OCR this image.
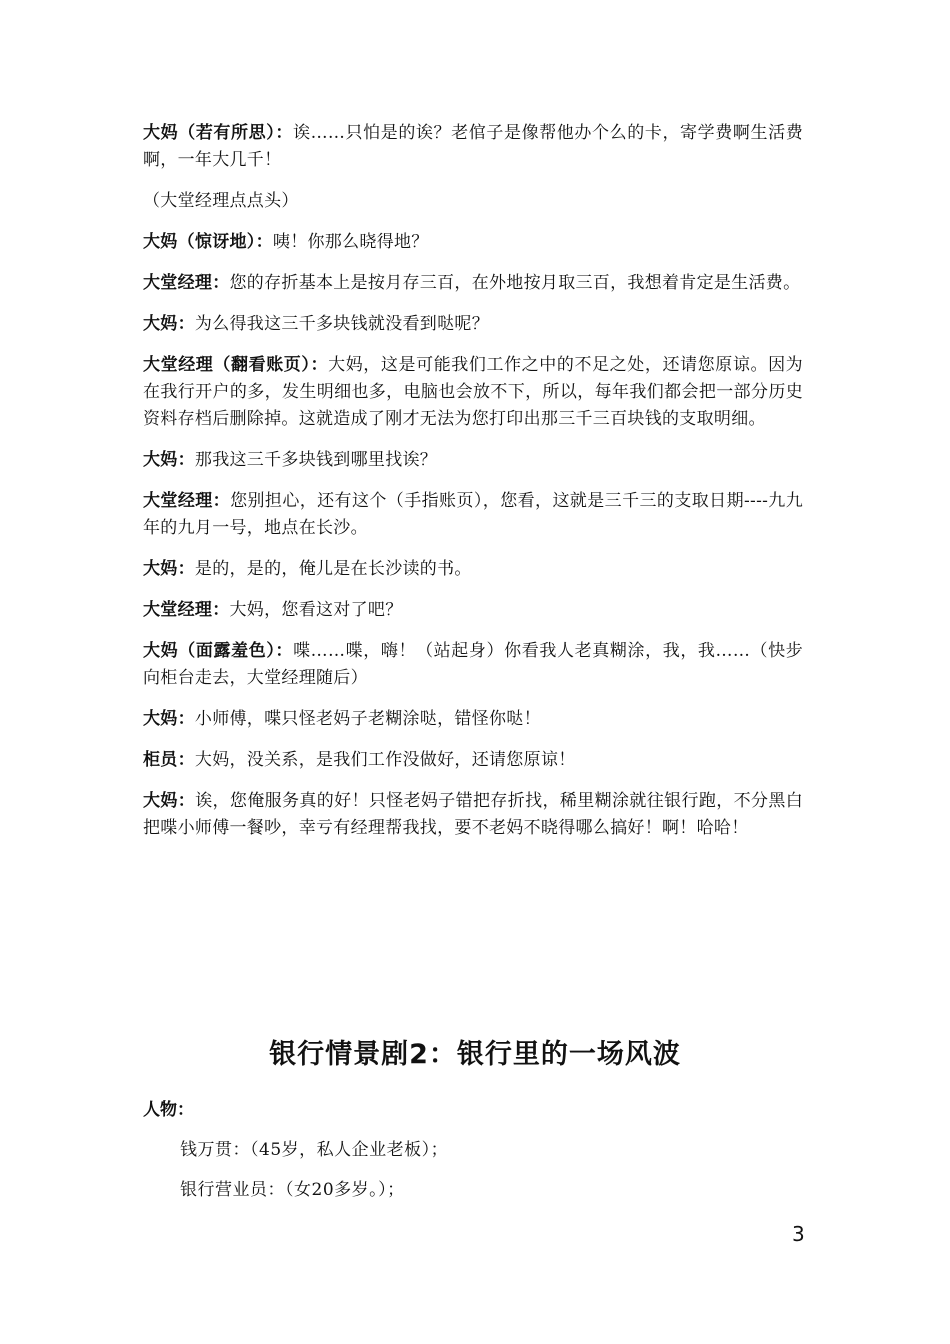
大妈（若有所思）：诶……只怕是的诶？老倌子是像帮他办个么的卡，寄学费啊生活费啊，一年大几千！

（大堂经理点点头）

大妈（惊讶地）：咦！你那么晓得地？

大堂经理：您的存折基本上是按月存三百，在外地按月取三百，我想着肯定是生活费。

大妈：为么得我这三千多块钱就没看到哒呢？

大堂经理（翻看账页）：大妈，这是可能我们工作之中的不足之处，还请您原谅。因为在我行开户的多，发生明细也多，电脑也会放不下，所以，每年我们都会把一部分历史资料存档后删除掉。这就造成了刚才无法为您打印出那三千三百块钱的支取明细。

大妈：那我这三千多块钱到哪里找诶？

大堂经理：您别担心，还有这个（手指账页），您看，这就是三千三的支取日期----九九年的九月一号，地点在长沙。

大妈：是的，是的，俺儿是在长沙读的书。

大堂经理：大妈，您看这对了吧？

大妈（面露羞色）：喋……喋，嗨！（站起身）你看我人老真糊涂，我，我……（快步向柜台走去，大堂经理随后）

大妈：小师傅，喋只怪老妈子老糊涂哒，错怪你哒！

柜员：大妈，没关系，是我们工作没做好，还请您原谅！

大妈：诶，您俺服务真的好！只怪老妈子错把存折找，稀里糊涂就往银行跑，不分黑白把喋小师傅一餐吵，幸亏有经理帮我找，要不老妈不晓得哪么搞好！啊！哈哈！

银行情景剧2：银行里的一场风波
人物：
钱万贯：（45岁，私人企业老板）；
银行营业员：（女20多岁。）；
3
